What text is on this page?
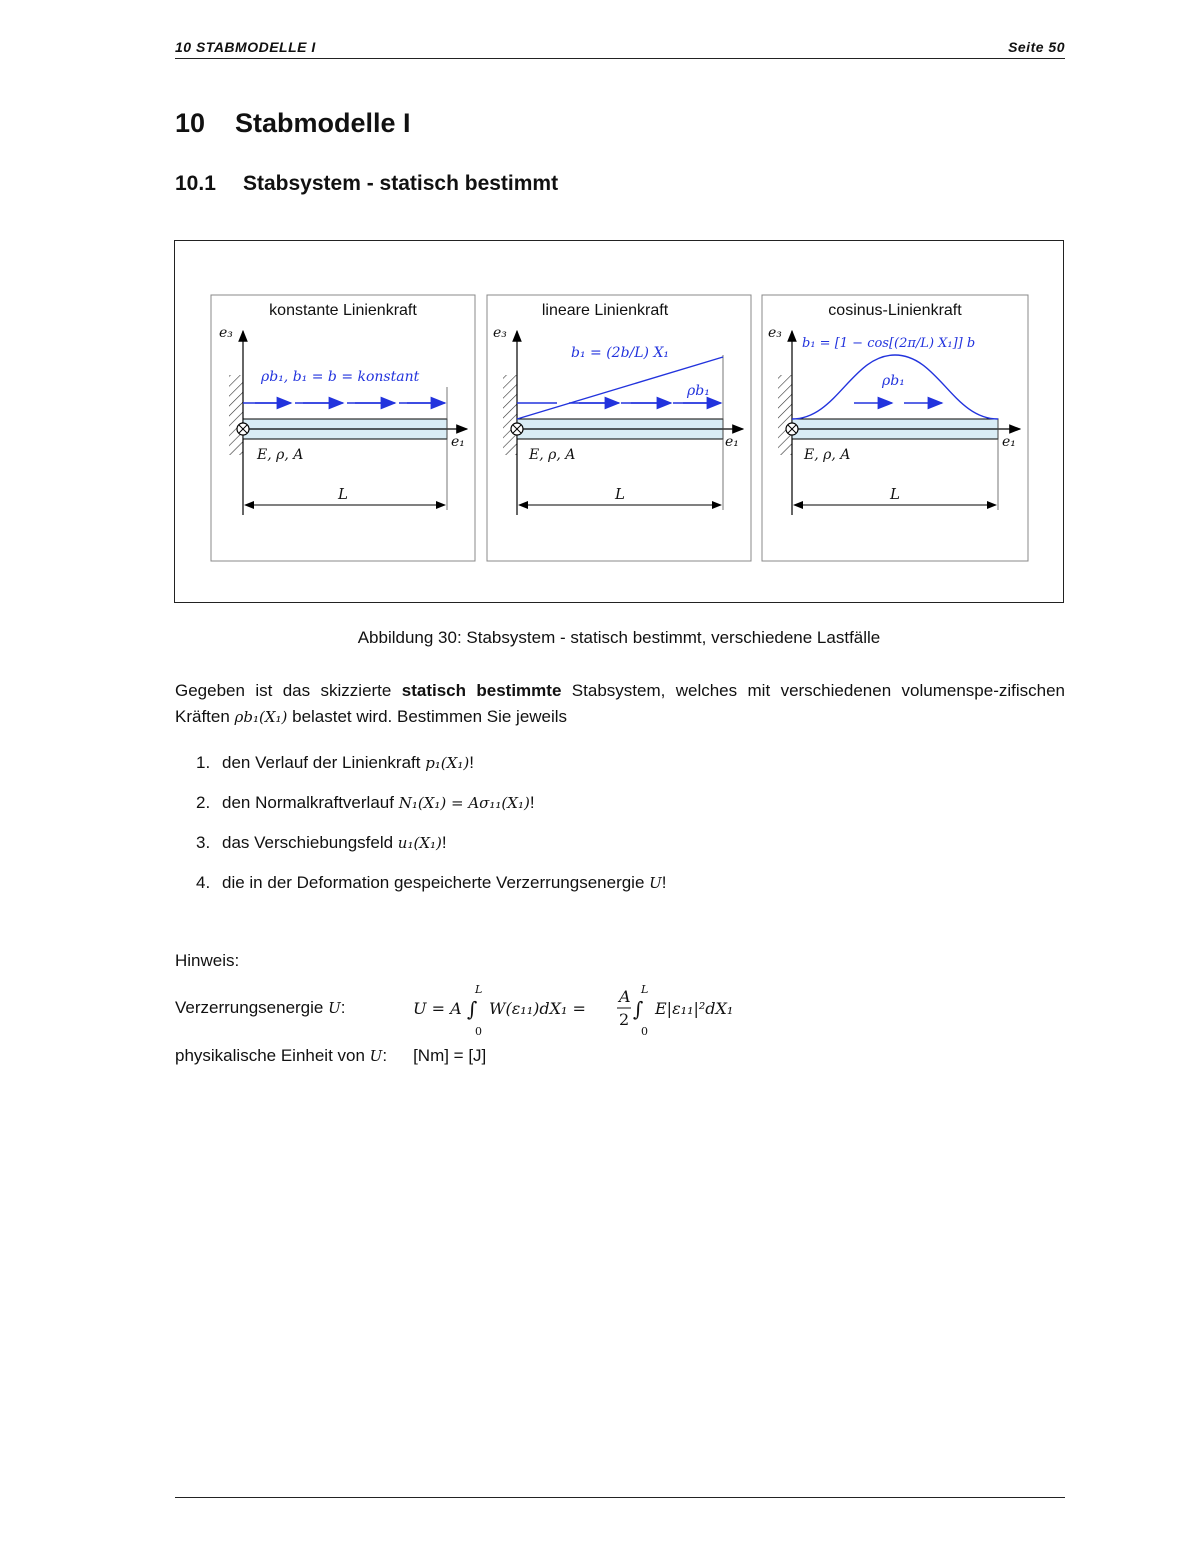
10 STABMODELLE I	Seite 50
10 Stabmodelle I
10.1 Stabsystem - statisch bestimmt
konstante Linienkraft
e₃
e₁
ρb₁, b₁ = b = konstant
E, ρ, A
L
lineare Linienkraft
e₃
e₁
b₁ = (2b/L) X₁
ρb₁
E, ρ, A
L
cosinus-Linienkraft
e₃
e₁
b₁ = [1 − cos[(2π/L) X₁]] b
ρb₁
E, ρ, A
L
Abbildung 30: Stabsystem - statisch bestimmt, verschiedene Lastfälle

Gegeben ist das skizzierte statisch bestimmte Stabsystem, welches mit verschiedenen volumenspe-zifischen Kräften ρb₁(X₁) belastet wird. Bestimmen Sie jeweils

1. den Verlauf der Linienkraft p₁(X₁)!
2. den Normalkraftverlauf N₁(X₁) = Aσ₁₁(X₁)!
3. das Verschiebungsfeld u₁(X₁)!
4. die in der Deformation gespeicherte Verzerrungsenergie U!
Hinweis:
Verzerrungsenergie U:	U = A
L
∫
0
W(ε₁₁)dX₁ =
A
2
L
∫
0
E|ε₁₁|²dX₁
physikalische Einheit von U: [Nm] = [J]
